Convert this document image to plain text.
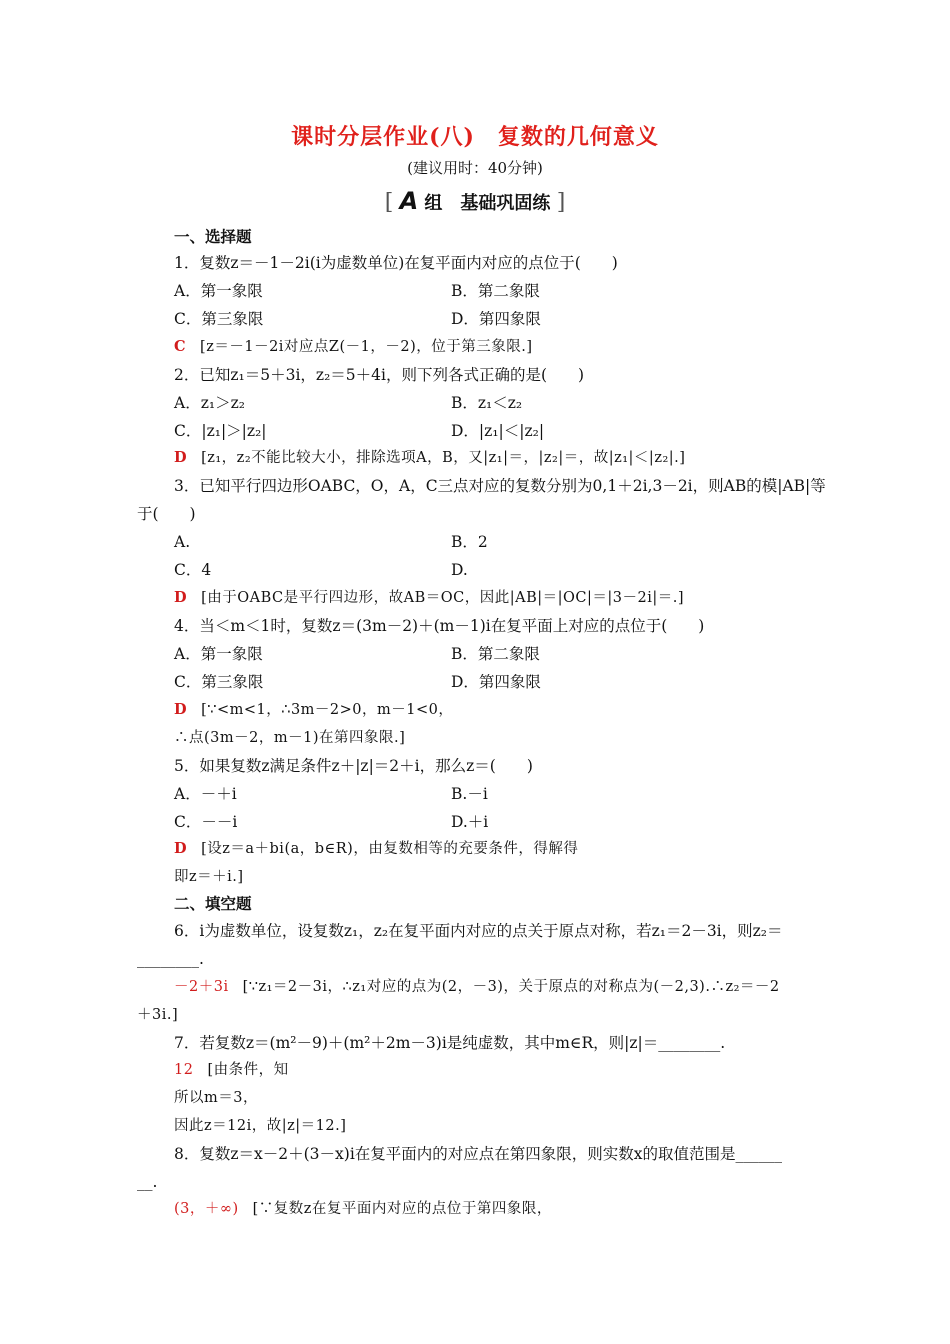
课时分层作业(八)　复数的几何意义
(建议用时：40分钟)
[ A 组　基础巩固练 ]
一、选择题
1．复数z＝－1－2i(i为虚数单位)在复平面内对应的点位于(　　)
A．第一象限	B．第二象限
C．第三象限	D．第四象限
C [z＝－1－2i对应点Z(－1，－2)，位于第三象限.]
2．已知z₁＝5＋3i，z₂＝5＋4i，则下列各式正确的是(　　)
A．z₁＞z₂	B．z₁＜z₂
C．|z₁|＞|z₂|	D．|z₁|＜|z₂|
D [z₁，z₂不能比较大小，排除选项A，B，又|z₁|＝，|z₂|＝，故|z₁|＜|z₂|.]
3．已知平行四边形OABC，O，A，C三点对应的复数分别为0,1＋2i,3－2i，则AB的模|AB|等
于(　　)
A.	B．2
C．4	D.
D [由于OABC是平行四边形，故AB＝OC，因此|AB|＝|OC|＝|3－2i|＝.]
4．当＜m＜1时，复数z＝(3m－2)＋(m－1)i在复平面上对应的点位于(　　)
A．第一象限	B．第二象限
C．第三象限	D．第四象限
D [∵<m<1，∴3m－2>0，m－1<0，
∴点(3m－2，m－1)在第四象限.]
5．如果复数z满足条件z＋|z|＝2＋i，那么z＝(　　)
A．－＋i	B.－i
C．－－i	D.＋i
D [设z＝a＋bi(a，b∈R)，由复数相等的充要条件，得解得
即z＝＋i.]
二、填空题
6．i为虚数单位，设复数z₁，z₂在复平面内对应的点关于原点对称，若z₁＝2－3i，则z₂＝
________.
－2＋3i [∵z₁＝2－3i，∴z₁对应的点为(2，－3)，关于原点的对称点为(－2,3).∴z₂＝－2
＋3i.]
7．若复数z＝(m²－9)＋(m²＋2m－3)i是纯虚数，其中m∈R，则|z|＝________.
12 [由条件，知
所以m＝3，
因此z＝12i，故|z|＝12.]
8．复数z＝x－2＋(3－x)i在复平面内的对应点在第四象限，则实数x的取值范围是______
__.
(3，＋∞) [∵复数z在复平面内对应的点位于第四象限，
